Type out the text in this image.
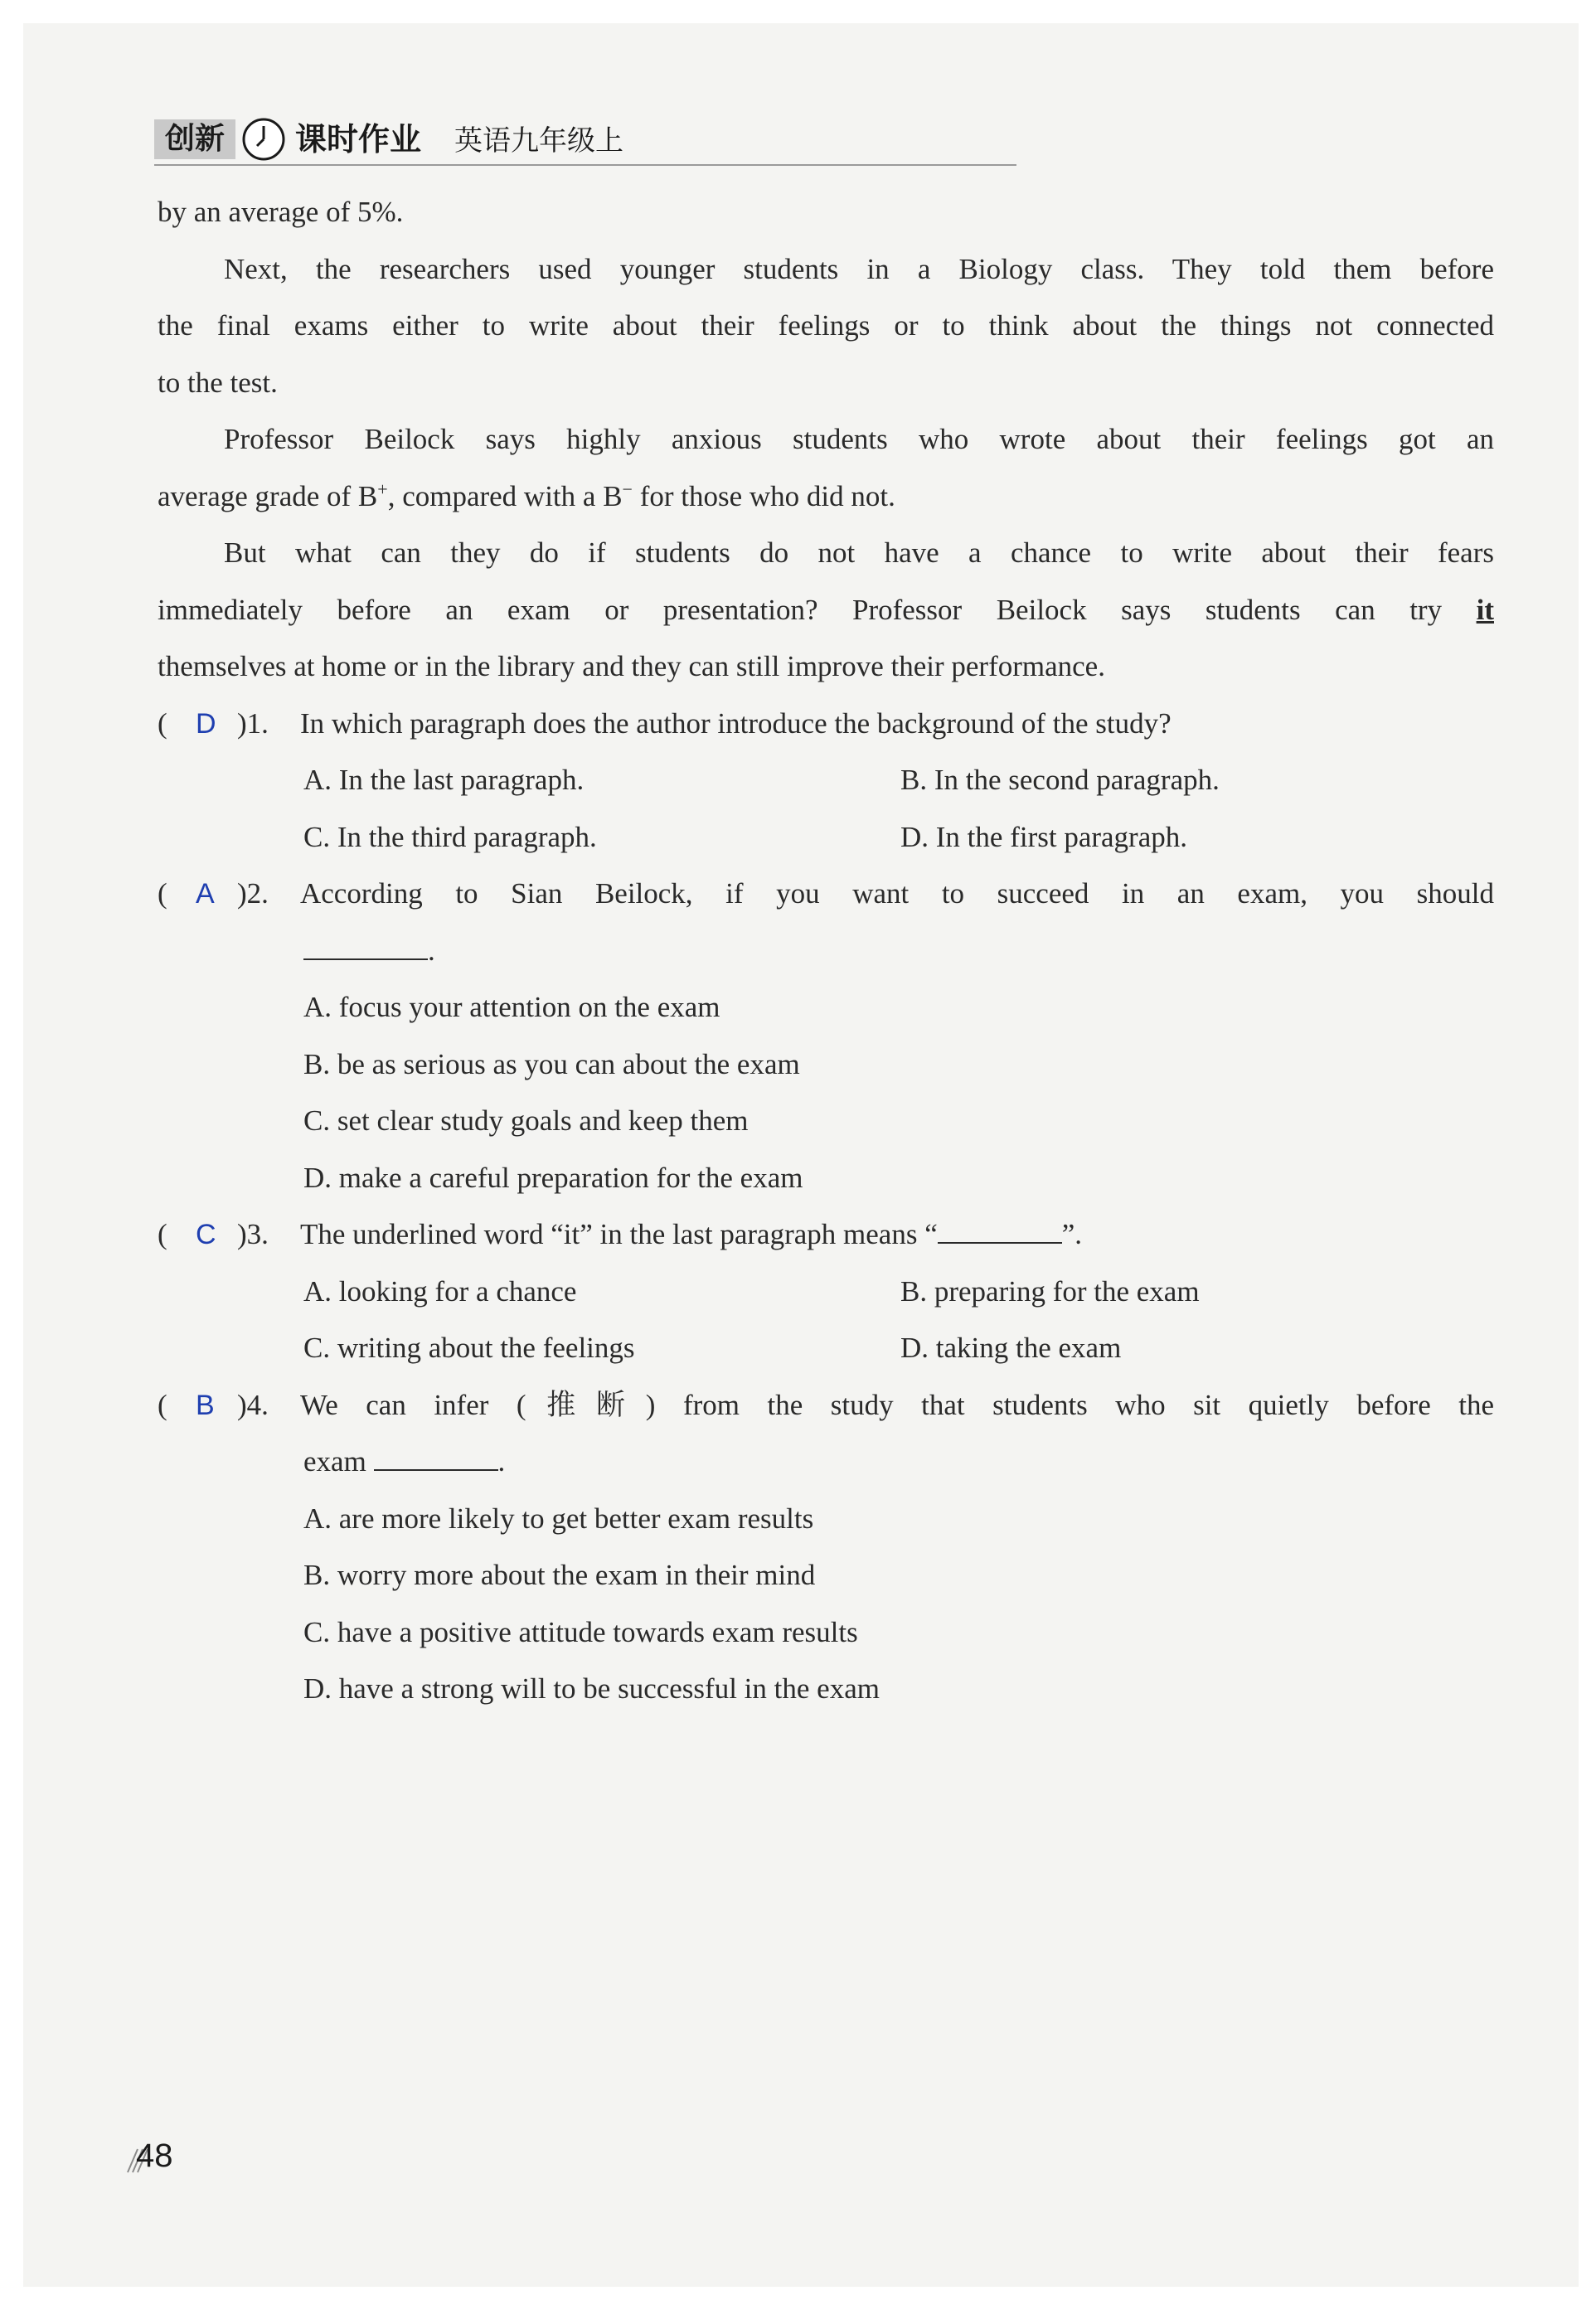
创新	课时作业 英语九年级上
by an average of 5%.
Next, the researchers used younger students in a Biology class. They told them before
the final exams either to write about their feelings or to think about the things not connected
to the test.
Professor Beilock says highly anxious students who wrote about their feelings got an
average grade of B+, compared with a B− for those who did not.
But what can they do if students do not have a chance to write about their fears
immediately before an exam or presentation? Professor Beilock says students can try it
themselves at home or in the library and they can still improve their performance.
( D )1. In which paragraph does the author introduce the background of the study?
A. In the last paragraph.	B. In the second paragraph.
C. In the third paragraph.	D. In the first paragraph.
( A )2. According to Sian Beilock, if you want to succeed in an exam, you should
.
A. focus your attention on the exam
B. be as serious as you can about the exam
C. set clear study goals and keep them
D. make a careful preparation for the exam
( C )3. The underlined word “it” in the last paragraph means “	”.
A. looking for a chance	B. preparing for the exam
C. writing about the feelings	D. taking the exam
( B )4. We can infer (推断) from the study that students who sit quietly before the
exam	.
A. are more likely to get better exam results
B. worry more about the exam in their mind
C. have a positive attitude towards exam results
D. have a strong will to be successful in the exam
48
